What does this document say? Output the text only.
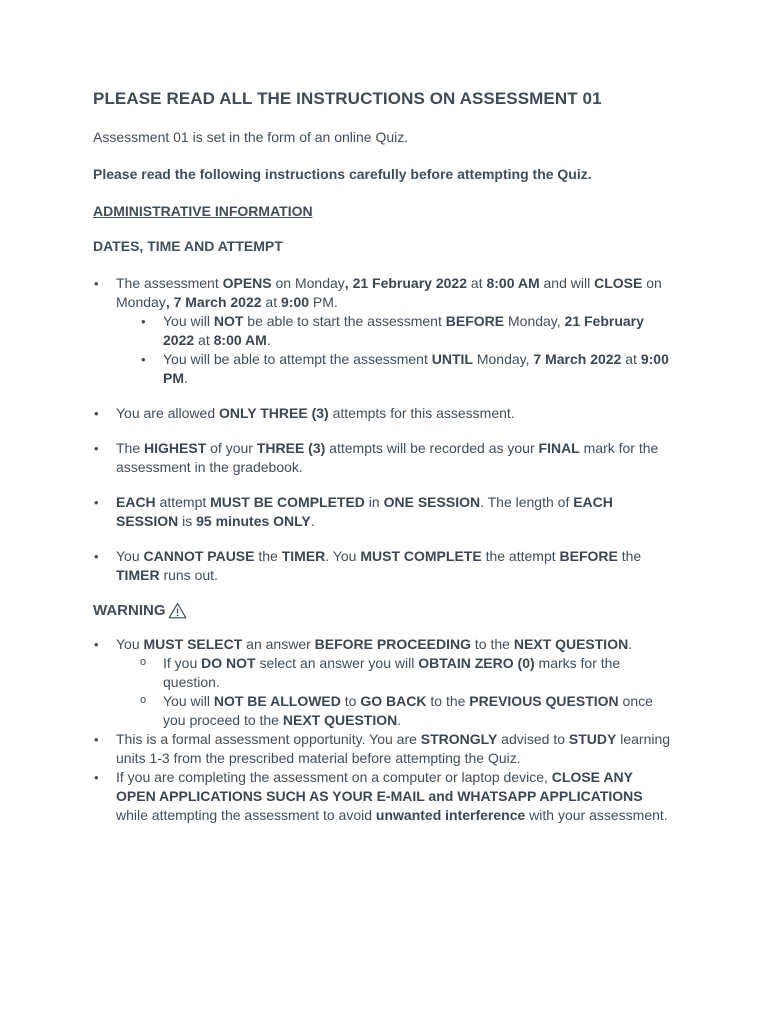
PLEASE READ ALL THE INSTRUCTIONS ON ASSESSMENT 01

Assessment 01 is set in the form of an online Quiz.

Please read the following instructions carefully before attempting the Quiz.

ADMINISTRATIVE INFORMATION

DATES, TIME AND ATTEMPT

• The assessment OPENS on Monday, 21 February 2022 at 8:00 AM and will CLOSE on Monday, 7 March 2022 at 9:00 PM.
• You will NOT be able to start the assessment BEFORE Monday, 21 February 2022 at 8:00 AM.
• You will be able to attempt the assessment UNTIL Monday, 7 March 2022 at 9:00 PM.
• You are allowed ONLY THREE (3) attempts for this assessment.
• The HIGHEST of your THREE (3) attempts will be recorded as your FINAL mark for the assessment in the gradebook.
• EACH attempt MUST BE COMPLETED in ONE SESSION. The length of EACH SESSION is 95 minutes ONLY.
• You CANNOT PAUSE the TIMER. You MUST COMPLETE the attempt BEFORE the TIMER runs out.
WARNING
• You MUST SELECT an answer BEFORE PROCEEDING to the NEXT QUESTION.
o If you DO NOT select an answer you will OBTAIN ZERO (0) marks for the question.
o You will NOT BE ALLOWED to GO BACK to the PREVIOUS QUESTION once you proceed to the NEXT QUESTION.
• This is a formal assessment opportunity. You are STRONGLY advised to STUDY learning units 1-3 from the prescribed material before attempting the Quiz.
• If you are completing the assessment on a computer or laptop device, CLOSE ANY OPEN APPLICATIONS SUCH AS YOUR E-MAIL and WHATSAPP APPLICATIONS while attempting the assessment to avoid unwanted interference with your assessment.
